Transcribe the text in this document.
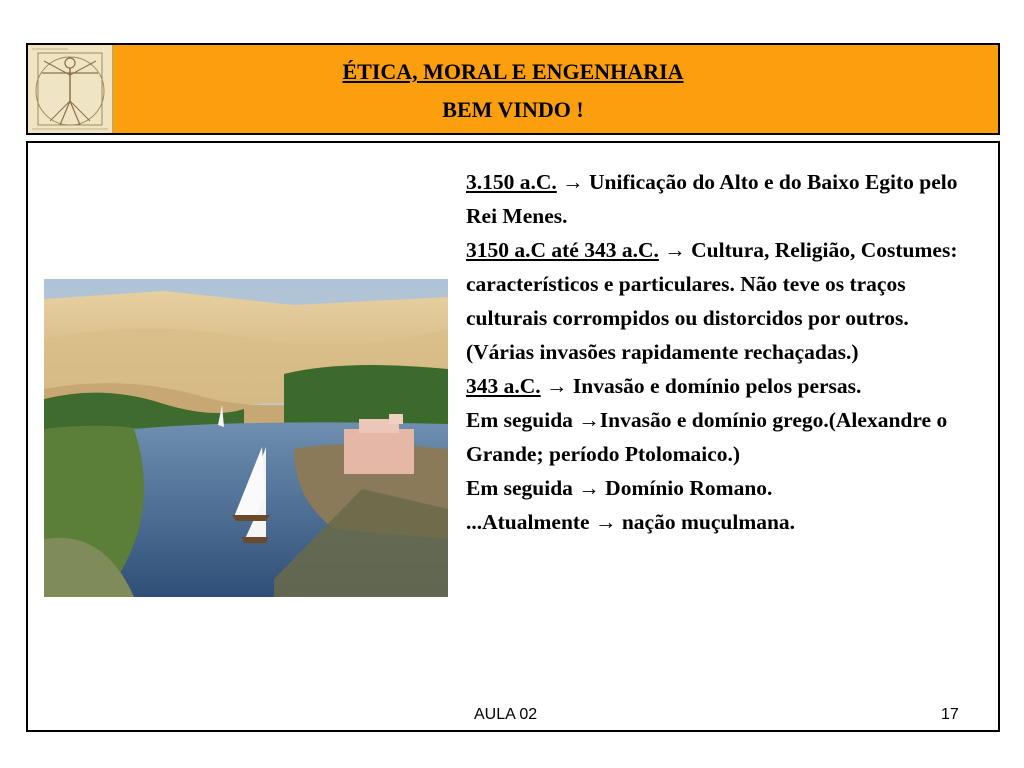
ÉTICA, MORAL E ENGENHARIA
BEM VINDO !

3.150 a.C. → Unificação do Alto e do Baixo Egito pelo Rei Menes.

3150 a.C até 343 a.C. → Cultura, Religião, Costumes: característicos e particulares. Não teve os traços culturais corrompidos ou distorcidos por outros. (Várias invasões rapidamente rechaçadas.)

343 a.C. → Invasão e domínio pelos persas.

Em seguida →Invasão e domínio grego.(Alexandre o Grande; período Ptolomaico.)

Em seguida → Domínio Romano.

...Atualmente → nação muçulmana.

AULA 02	17
